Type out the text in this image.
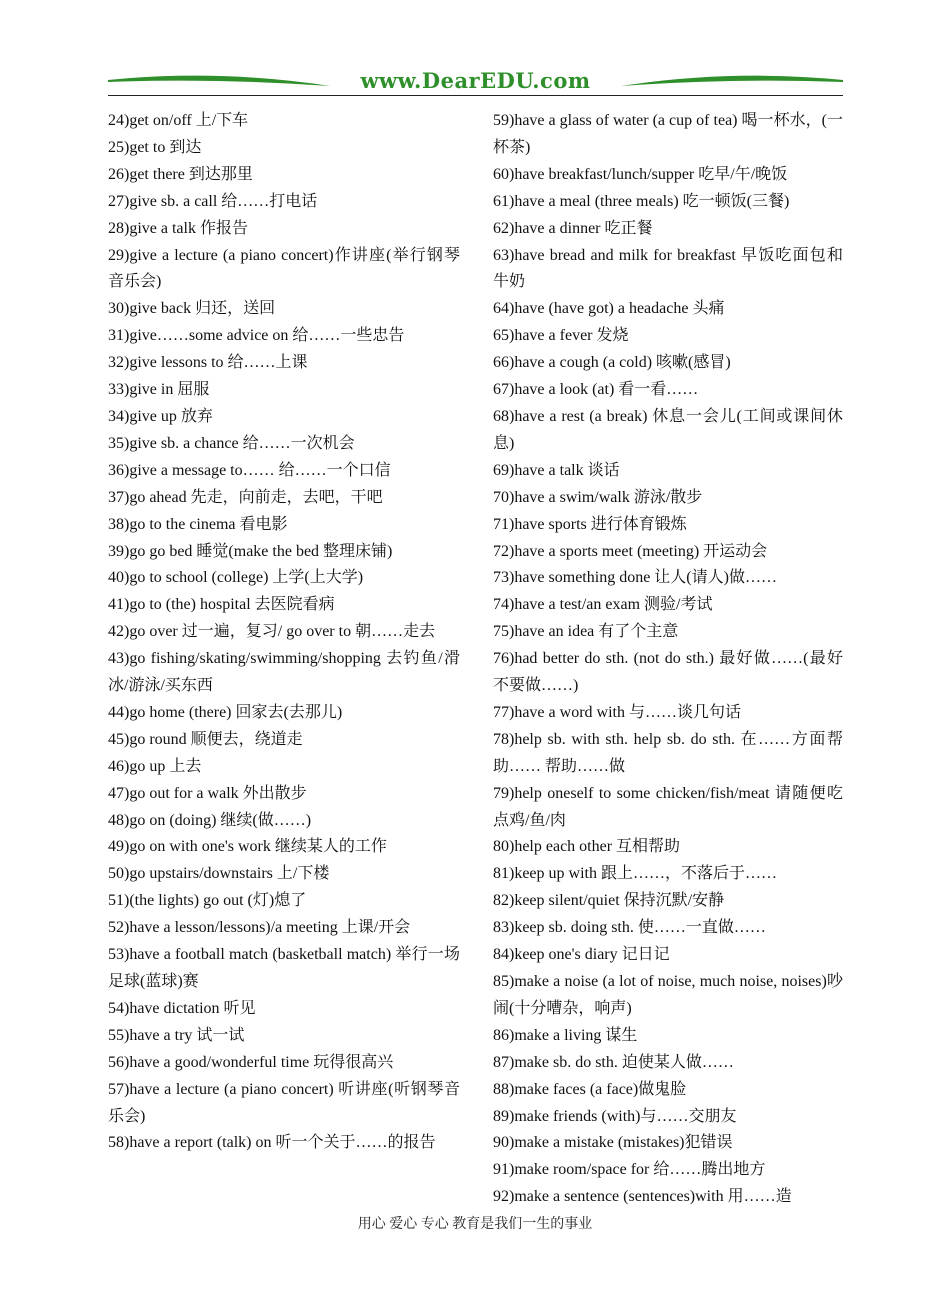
www.DearEDU.com
24)get on/off 上/下车
25)get to 到达
26)get there 到达那里
27)give sb. a call 给……打电话
28)give a talk 作报告
29)give a lecture (a piano concert)作讲座(举行钢琴音乐会)
30)give back 归还，送回
31)give……some advice on 给……一些忠告
32)give lessons to 给……上课
33)give in 屈服
34)give up 放弃
35)give sb. a chance 给……一次机会
36)give a message to…… 给……一个口信
37)go ahead 先走，向前走，去吧，干吧
38)go to the cinema 看电影
39)go go bed 睡觉(make the bed 整理床铺)
40)go to school (college) 上学(上大学)
41)go to (the) hospital 去医院看病
42)go over 过一遍，复习/ go over to 朝……走去
43)go fishing/skating/swimming/shopping 去钓鱼/滑冰/游泳/买东西
44)go home (there) 回家去(去那儿)
45)go round 顺便去，绕道走
46)go up 上去
47)go out for a walk 外出散步
48)go on (doing) 继续(做……)
49)go on with one's work 继续某人的工作
50)go upstairs/downstairs 上/下楼
51)(the lights) go out (灯)熄了
52)have a lesson/lessons)/a meeting 上课/开会
53)have a football match (basketball match) 举行一场足球(蓝球)赛
54)have dictation 听见
55)have a try 试一试
56)have a good/wonderful time 玩得很高兴
57)have a lecture (a piano concert) 听讲座(听钢琴音乐会)
58)have a report (talk) on 听一个关于……的报告
59)have a glass of water (a cup of tea) 喝一杯水，(一杯茶)
60)have breakfast/lunch/supper 吃早/午/晚饭
61)have a meal (three meals) 吃一顿饭(三餐)
62)have a dinner 吃正餐
63)have bread and milk for breakfast 早饭吃面包和牛奶
64)have (have got) a headache 头痛
65)have a fever 发烧
66)have a cough (a cold) 咳嗽(感冒)
67)have a look (at) 看一看……
68)have a rest (a break) 休息一会儿(工间或课间休息)
69)have a talk 谈话
70)have a swim/walk 游泳/散步
71)have sports 进行体育锻炼
72)have a sports meet (meeting) 开运动会
73)have something done 让人(请人)做……
74)have a test/an exam 测验/考试
75)have an idea 有了个主意
76)had better do sth. (not do sth.) 最好做……(最好不要做……)
77)have a word with 与……谈几句话
78)help sb. with sth. help sb. do sth. 在……方面帮助…… 帮助……做
79)help oneself to some chicken/fish/meat 请随便吃点鸡/鱼/肉
80)help each other 互相帮助
81)keep up with 跟上……，不落后于……
82)keep silent/quiet 保持沉默/安静
83)keep sb. doing sth. 使……一直做……
84)keep one's diary 记日记
85)make a noise (a lot of noise, much noise, noises)吵闹(十分嘈杂，响声)
86)make a living 谋生
87)make sb. do sth. 迫使某人做……
88)make faces (a face)做鬼脸
89)make friends (with)与……交朋友
90)make a mistake (mistakes)犯错误
91)make room/space for 给……腾出地方
92)make a sentence (sentences)with 用……造
用心 爱心 专心 教育是我们一生的事业
